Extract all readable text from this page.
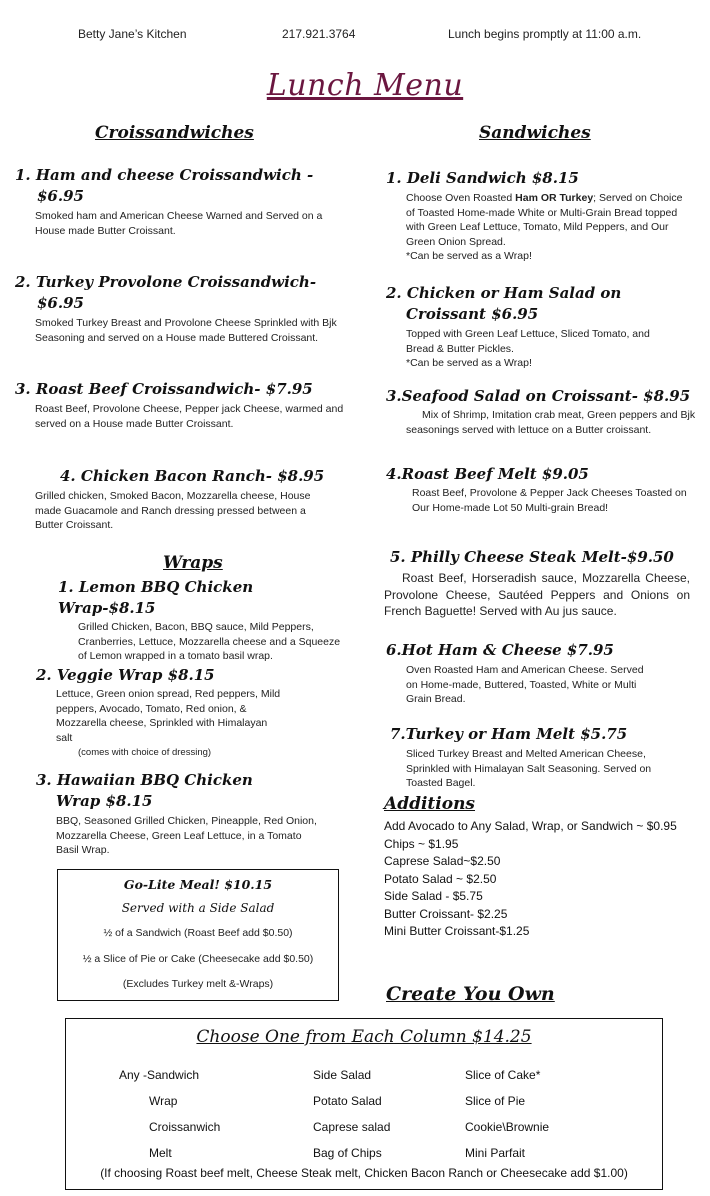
Betty Jane’s Kitchen	217.921.3764	Lunch begins promptly at 11:00 a.m.
Lunch Menu
Croissandwiches
1. Ham and cheese Croissandwich -
$6.95
Smoked ham and American Cheese Warned and Served on a House made Butter Croissant.
2. Turkey Provolone Croissandwich-
$6.95
Smoked Turkey Breast and Provolone Cheese Sprinkled with Bjk Seasoning and served on a House made Buttered Croissant.
3. Roast Beef Croissandwich- $7.95
Roast Beef, Provolone Cheese, Pepper jack Cheese, warmed and served on a House made Butter Croissant.
4. Chicken Bacon Ranch- $8.95
Grilled chicken, Smoked Bacon, Mozzarella cheese, House made Guacamole and Ranch dressing pressed between a Butter Croissant.
Wraps
1. Lemon BBQ Chicken Wrap-$8.15
Grilled Chicken, Bacon, BBQ sauce, Mild Peppers, Cranberries, Lettuce, Mozzarella cheese and a Squeeze of Lemon wrapped in a tomato basil wrap.
2. Veggie Wrap $8.15
Lettuce, Green onion spread, Red peppers, Mild peppers, Avocado, Tomato, Red onion, & Mozzarella cheese, Sprinkled with Himalayan salt
(comes with choice of dressing)
3. Hawaiian BBQ Chicken
Wrap $8.15
BBQ, Seasoned Grilled Chicken, Pineapple, Red Onion, Mozzarella Cheese, Green Leaf Lettuce, in a Tomato Basil Wrap.
Go-Lite Meal! $10.15
Served with a Side Salad
½ of a Sandwich (Roast Beef add $0.50)
½ a Slice of Pie or Cake (Cheesecake add $0.50)
(Excludes Turkey melt &-Wraps)
Sandwiches
1. Deli Sandwich $8.15
Choose Oven Roasted Ham OR Turkey; Served on Choice of Toasted Home-made White or Multi-Grain Bread topped with Green Leaf Lettuce, Tomato, Mild Peppers, and Our Green Onion Spread.
*Can be served as a Wrap!
2. Chicken or Ham Salad on
Croissant $6.95
Topped with Green Leaf Lettuce, Sliced Tomato, and Bread & Butter Pickles.
*Can be served as a Wrap!
3.Seafood Salad on Croissant- $8.95
Mix of Shrimp, Imitation crab meat, Green peppers and Bjk seasonings served with lettuce on a Butter croissant.
4.Roast Beef Melt $9.05
Roast Beef, Provolone & Pepper Jack Cheeses Toasted on Our Home-made Lot 50 Multi-grain Bread!
5. Philly Cheese Steak Melt-$9.50
Roast Beef, Horseradish sauce, Mozzarella Cheese, Provolone Cheese, Sautéed Peppers and Onions on French Baguette! Served with Au jus sauce.
6.Hot Ham & Cheese $7.95
Oven Roasted Ham and American Cheese. Served on Home-made, Buttered, Toasted, White or Multi Grain Bread.
7.Turkey or Ham Melt $5.75
Sliced Turkey Breast and Melted American Cheese, Sprinkled with Himalayan Salt Seasoning. Served on Toasted Bagel.
Additions
Add Avocado to Any Salad, Wrap, or Sandwich ~ $0.95
Chips ~ $1.95
Caprese Salad~$2.50
Potato Salad ~ $2.50
Side Salad - $5.75
Butter Croissant- $2.25
Mini Butter Croissant-$1.25
Create You Own
Choose One from Each Column $14.25
Any -Sandwich
Wrap
Croissanwich
Melt
Side Salad
Potato Salad
Caprese salad
Bag of Chips
Slice of Cake*
Slice of Pie
Cookie\Brownie
Mini Parfait
(If choosing Roast beef melt, Cheese Steak melt, Chicken Bacon Ranch or Cheesecake add $1.00)
